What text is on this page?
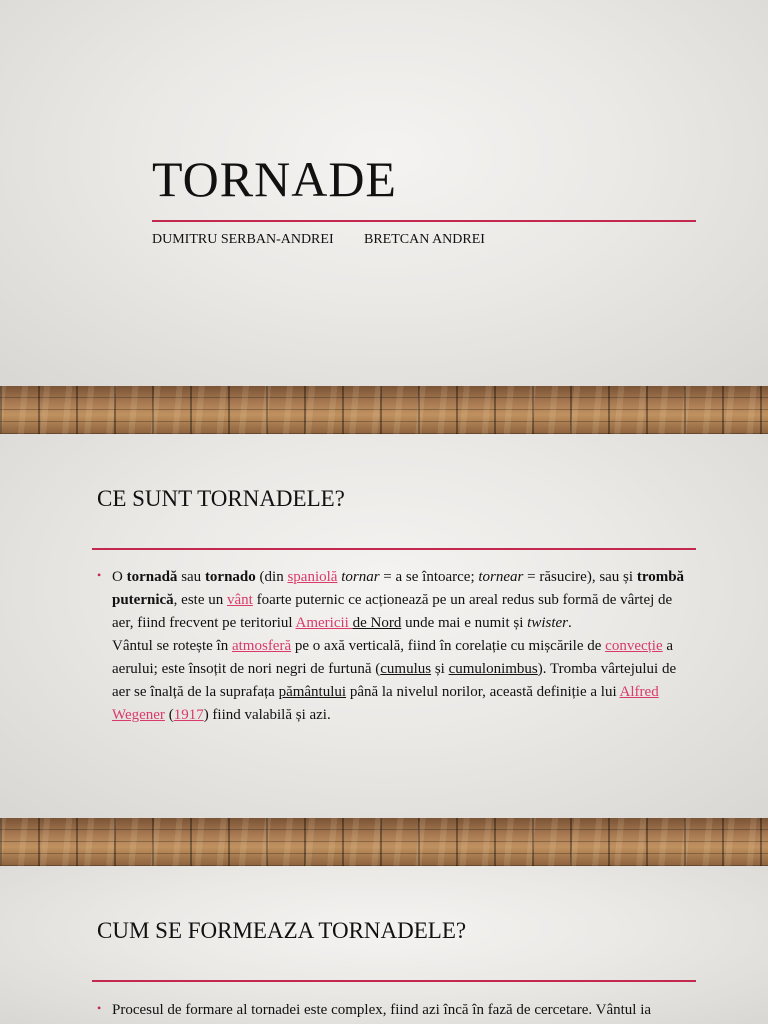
TORNADE
DUMITRU SERBAN-ANDREI BRETCAN ANDREI
CE SUNT TORNADELE?
• O tornadă sau tornado (din spaniolă tornar = a se întoarce; tornear = răsucire), sau și trombă puternică, este un vânt foarte puternic ce acționează pe un areal redus sub formă de vârtej de aer, fiind frecvent pe teritoriul Americii de Nord unde mai e numit și twister.
Vântul se rotește în atmosferă pe o axă verticală, fiind în corelație cu mișcările de convecție a aerului; este însoțit de nori negri de furtună (cumulus și cumulonimbus). Tromba vârtejului de aer se înalță de la suprafața pământului până la nivelul norilor, această definiție a lui Alfred Wegener (1917) fiind valabilă și azi.
CUM SE FORMEAZA TORNADELE?
• Procesul de formare al tornadei este complex, fiind azi încă în fază de cercetare. Vântul ia
